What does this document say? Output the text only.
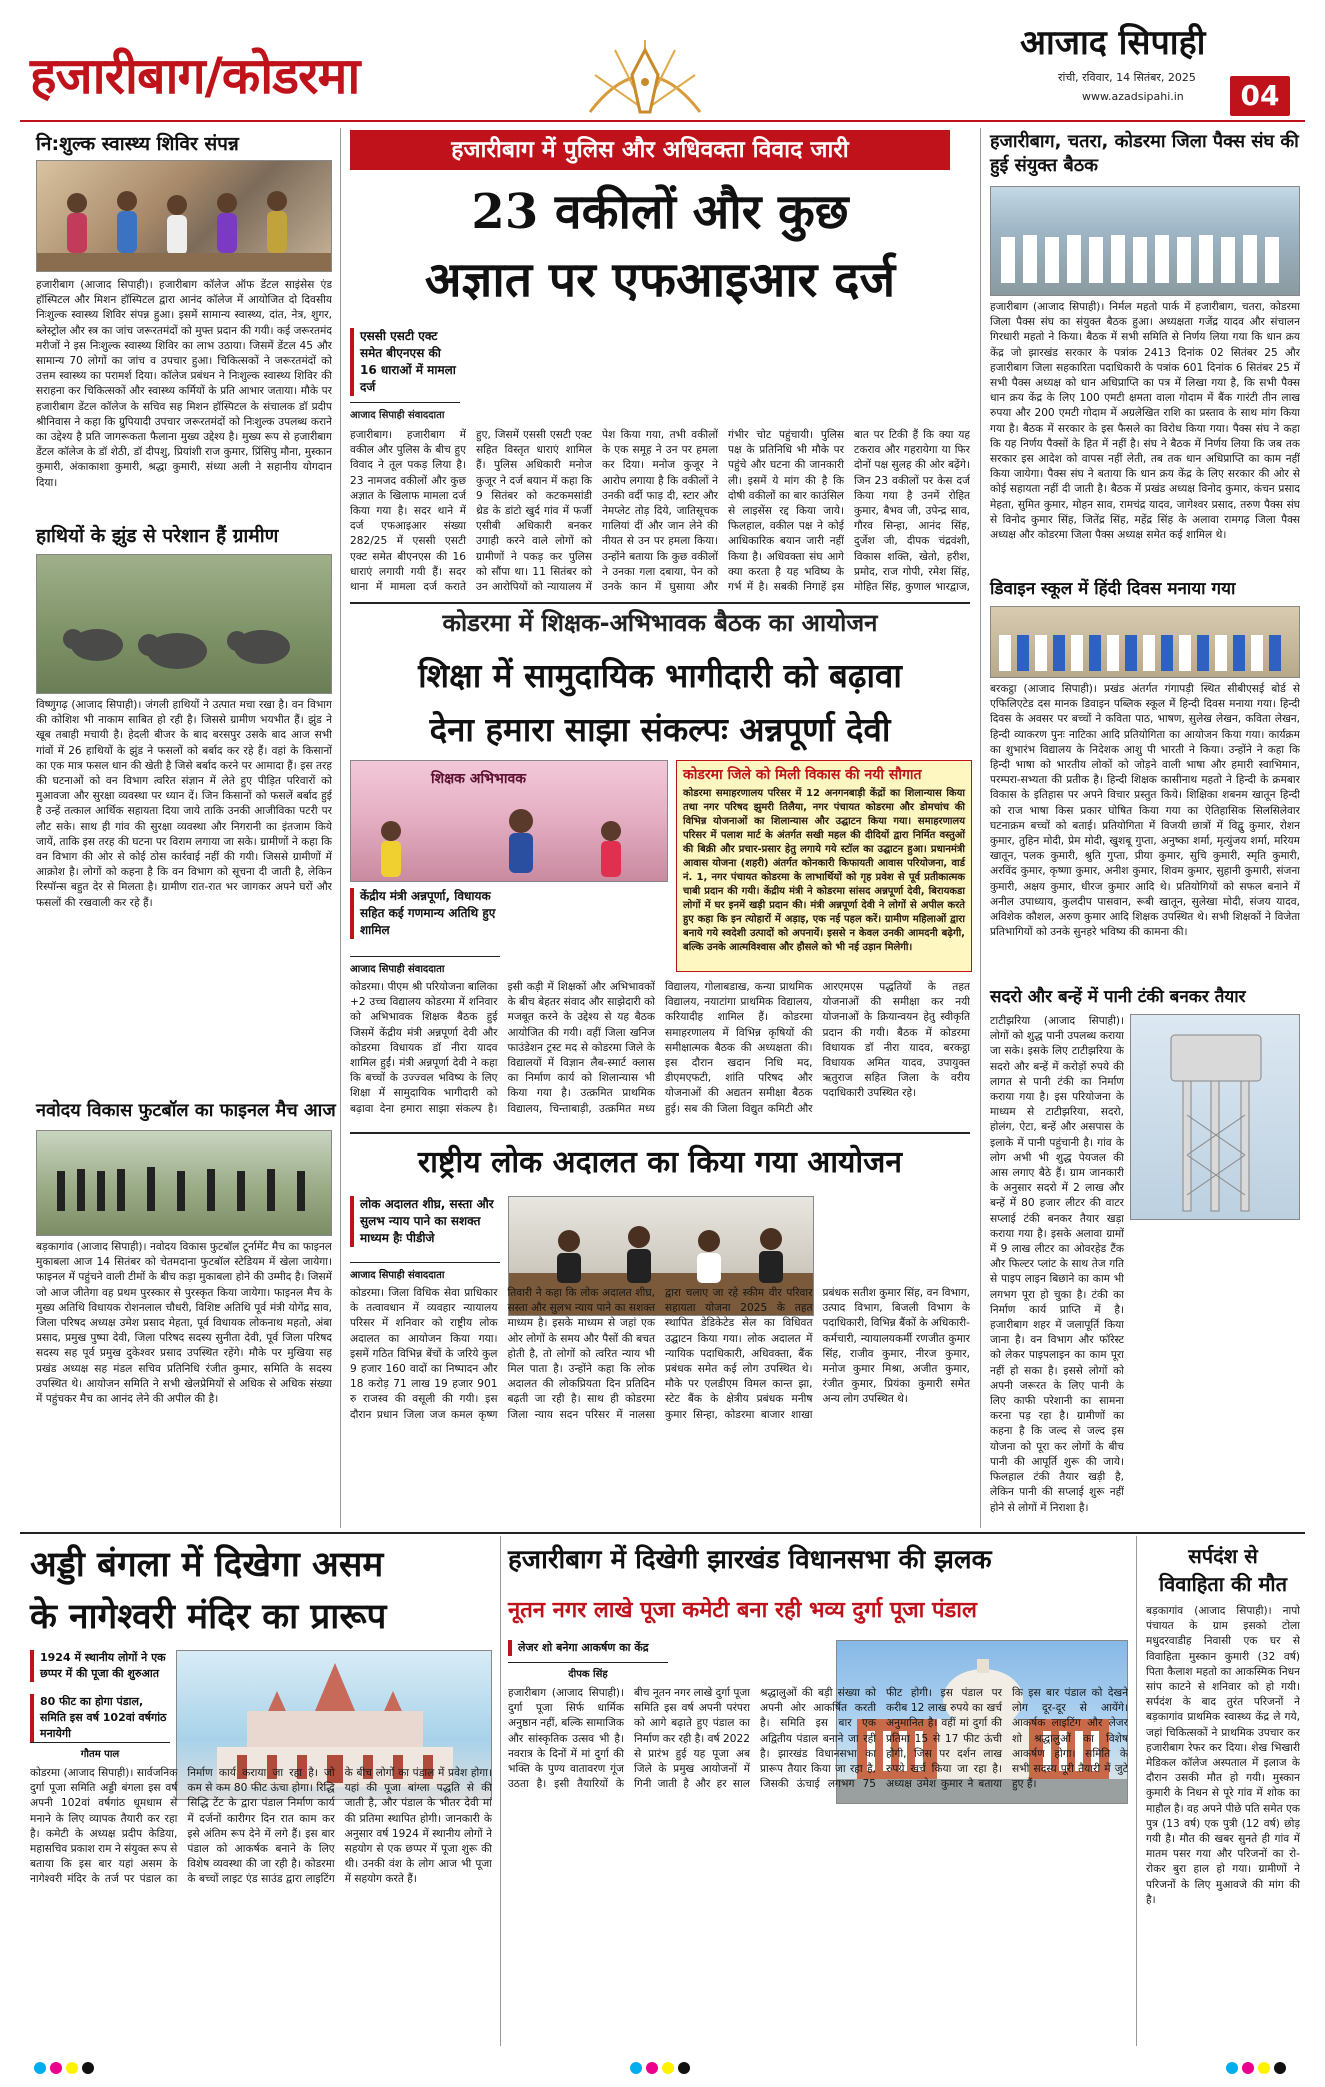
हजारीबाग/कोडरमा
आजाद सिपाही
रांची, रविवार, 14 सितंबर, 2025
www.azadsipahi.in	04
नि:शुल्क स्वास्थ्य शिविर संपन्न
हजारीबाग (आजाद सिपाही)। हजारीबाग कॉलेज ऑफ डेंटल साइंसेस एंड हॉस्पिटल और मिशन हॉस्पिटल द्वारा आनंद कॉलेज में आयोजित दो दिवसीय निःशुल्क स्वास्थ्य शिविर संपन्न हुआ। इसमें सामान्य स्वास्थ्य, दांत, नेत्र, शुगर, ब्लेस्ट्रोल और स्त्र का जांच जरूरतमंदों को मुफ्त प्रदान की गयी। कई जरूरतमंद मरीजों ने इस निःशुल्क स्वास्थ्य शिविर का लाभ उठाया। जिसमें डेंटल 45 और सामान्य 70 लोगों का जांच व उपचार हुआ। चिकित्सकों ने जरूरतमंदों को उत्तम स्वास्थ्य का परामर्श दिया। कॉलेज प्रबंधन ने निःशुल्क स्वास्थ्य शिविर की सराहना कर चिकित्सकों और स्वास्थ्य कर्मियों के प्रति आभार जताया। मौके पर हजारीबाग डेंटल कॉलेज के सचिव सह मिशन हॉस्पिटल के संचालक डॉ प्रदीप श्रीनिवास ने कहा कि ग्रुपियादी उपचार जरूरतमंदों को निःशुल्क उपलब्ध कराने का उद्देश्य है प्रति जागरूकता फैलाना मुख्य उद्देश्य है। मुख्य रूप से हजारीबाग डेंटल कॉलेज के डॉ शेठी, डॉ दीपशु, प्रियांशी राज कुमार, प्रिंसिपु मौना, मुस्कान कुमारी, अंकाकाशा कुमारी, श्रद्धा कुमारी, संध्या अली ने सहानीय योगदान दिया।
हाथियों के झुंड से परेशान हैं ग्रामीण
विष्णुगढ़ (आजाद सिपाही)। जंगली हाथियों ने उत्पात मचा रखा है। वन विभाग की कोशिश भी नाकाम साबित हो रही है। जिससे ग्रामीण भयभीत हैं। झुंड ने खूब तबाही मचायी है। हेदली बीजर के बाद बरसपुर उसके बाद आज सभी गांवों में 26 हाथियों के झुंड ने फसलों को बर्बाद कर रहे हैं। वहां के किसानों का एक मात्र फसल धान की खेती है जिसे बर्बाद करने पर आमादा हैं। इस तरह की घटनाओं को वन विभाग त्वरित संज्ञान में लेते हुए पीड़ित परिवारों को मुआवजा और सुरक्षा व्यवस्था पर ध्यान दें। जिन किसानों को फसलें बर्बाद हुई है उन्हें तत्काल आर्थिक सहायता दिया जाये ताकि उनकी आजीविका पटरी पर लौट सके। साथ ही गांव की सुरक्षा व्यवस्था और निगरानी का इंतजाम किये जायें, ताकि इस तरह की घटना पर विराम लगाया जा सके। ग्रामीणों ने कहा कि वन विभाग की ओर से कोई ठोस कार्रवाई नहीं की गयी। जिससे ग्रामीणों में आक्रोश है। लोगों को कहना है कि वन विभाग को सूचना दी जाती है, लेकिन रिस्पॉन्स बहुत देर से मिलता है। ग्रामीण रात-रात भर जागकर अपने घरों और फसलों की रखवाली कर रहे हैं।
नवोदय विकास फुटबॉल का फाइनल मैच आज
बड़कागांव (आजाद सिपाही)। नवोदय विकास फुटबॉल टूर्नामेंट मैच का फाइनल मुकाबला आज 14 सितंबर को चेतमदाना फुटबॉल स्टेडियम में खेला जायेगा। फाइनल में पहुंचने वाली टीमों के बीच कड़ा मुकाबला होने की उम्मीद है। जिसमें जो आज जीतेगा वह प्रथम पुरस्कार से पुरस्कृत किया जायेगा। फाइनल मैच के मुख्य अतिथि विधायक रोशनलाल चौधरी, विशिष्ट अतिथि पूर्व मंत्री योगेंद्र साव, जिला परिषद अध्यक्ष उमेश प्रसाद मेहता, पूर्व विधायक लोकनाथ महतो, अंबा प्रसाद, प्रमुख पुष्पा देवी, जिला परिषद सदस्य सुनीता देवी, पूर्व जिला परिषद सदस्य सह पूर्व प्रमुख दुकेश्वर प्रसाद उपस्थित रहेंगे। मौके पर मुखिया सह प्रखंड अध्यक्ष सह मंडल सचिव प्रतिनिधि रंजीत कुमार, समिति के सदस्य उपस्थित थे। आयोजन समिति ने सभी खेलप्रेमियों से अधिक से अधिक संख्या में पहुंचकर मैच का आनंद लेने की अपील की है।
हजारीबाग में पुलिस और अधिवक्ता विवाद जारी
23 वकीलों और कुछ
अज्ञात पर एफआइआर दर्ज
एससी एसटी एक्ट समेत बीएनएस की 16 धाराओं में मामला दर्ज
आजाद सिपाही संवाददाता
हजारीबाग। हजारीबाग में वकील और पुलिस के बीच हुए विवाद ने तूल पकड़ लिया है। 23 नामजद वकीलों और कुछ अज्ञात के खिलाफ मामला दर्ज किया गया है। सदर थाने में दर्ज एफआइआर संख्या 282/25 में एससी एसटी एक्ट समेत बीएनएस की 16 धाराएं लगायी गयी हैं। सदर थाना में मामला दर्ज कराते हुए, जिसमें एससी एसटी एक्ट सहित विस्तृत धाराएं शामिल हैं। पुलिस अधिकारी मनोज कुजूर ने दर्ज बयान में कहा कि 9 सितंबर को कटकमसांडी थ्रेड के डांटो खुर्द गांव में फर्जी एसीबी अधिकारी बनकर उगाही करने वाले लोगों को ग्रामीणों ने पकड़ कर पुलिस को सौंपा था। 11 सितंबर को उन आरोपियों को न्यायालय में पेश किया गया, तभी वकीलों के एक समूह ने उन पर हमला कर दिया। मनोज कुजूर ने आरोप लगाया है कि वकीलों ने उनकी वर्दी फाड़ दी, स्टार और नेमप्लेट तोड़ दिये, जातिसूचक गालियां दीं और जान लेने की नीयत से उन पर हमला किया। उन्होंने बताया कि कुछ वकीलों ने उनका गला दबाया, पेन को उनके कान में घुसाया और गंभीर चोट पहुंचायी। पुलिस पक्ष के प्रतिनिधि भी मौके पर पहुंचे और घटना की जानकारी ली। इसमें ये मांग की है कि दोषी वकीलों का बार काउंसिल से लाइसेंस रद्द किया जाये। फिलहाल, वकील पक्ष ने कोई आधिकारिक बयान जारी नहीं किया है। अधिवक्ता संघ आगे क्या करता है यह भविष्य के गर्भ में है। सबकी निगाहें इस बात पर टिकी हैं कि क्या यह टकराव और गहरायेगा या फिर दोनों पक्ष सुलह की ओर बढ़ेंगे। जिन 23 वकीलों पर केस दर्ज किया गया है उनमें रोहित कुमार, बैभव जी, उपेन्द्र साव, गौरव सिन्हा, आनंद सिंह, दुर्जेश जी, दीपक चंद्रवंशी, विकास शक्ति, खेतो, हरीश, प्रमोद, राज गोपी, रमेश सिंह, मोहित सिंह, कुणाल भारद्वाज,
कोडरमा में शिक्षक-अभिभावक बैठक का आयोजन
शिक्षा में सामुदायिक भागीदारी को बढ़ावा
देना हमारा साझा संकल्पः अन्नपूर्णा देवी
शिक्षक अभिभावक
केंद्रीय मंत्री अन्नपूर्णा, विधायक सहित कई गणमान्य अतिथि हुए शामिल
आजाद सिपाही संवाददाता
कोडरमा। पीएम श्री परियोजना बालिका +2 उच्च विद्यालय कोडरमा में शनिवार को अभिभावक शिक्षक बैठक हुई जिसमें केंद्रीय मंत्री अन्नपूर्णा देवी और कोडरमा विधायक डॉ नीरा यादव शामिल हुईं। मंत्री अन्नपूर्णा देवी ने कहा कि बच्चों के उज्ज्वल भविष्य के लिए शिक्षा में सामुदायिक भागीदारी को बढ़ावा देना हमारा साझा संकल्प है। इसी कड़ी में शिक्षकों और अभिभावकों के बीच बेहतर संवाद और साझेदारी को मजबूत करने के उद्देश्य से यह बैठक आयोजित की गयी। वहीं जिला खनिज फाउंडेशन ट्रस्ट मद से कोडरमा जिले के विद्यालयों में विज्ञान लैब-स्मार्ट क्लास का निर्माण कार्य को शिलान्यास भी किया गया है। उत्क्रमित प्राथमिक विद्यालय, चिन्ताबाड़ी, उत्क्रमित मध्य विद्यालय, गोलाबडाख, कन्या प्राथमिक विद्यालय, नयाटांगा प्राथमिक विद्यालय, करियादीह शामिल हैं। कोडरमा समाहरणालय में विभिन्न कृषियों की समीक्षात्मक बैठक की अध्यक्षता की। इस दौरान खदान निधि मद, डीएमएफटी, शांति परिषद और योजनाओं की अद्यतन समीक्षा बैठक हुई। सब की जिला विद्युत कमिटी और आरएमएस पद्धतियों के तहत योजनाओं की समीक्षा कर नयी योजनाओं के क्रियान्वयन हेतु स्वीकृति प्रदान की गयी। बैठक में कोडरमा विधायक डॉ नीरा यादव, बरकट्ठा विधायक अमित यादव, उपायुक्त ऋतुराज सहित जिला के वरीय पदाधिकारी उपस्थित रहे।
कोडरमा जिले को मिली विकास की नयी सौगात
कोडरमा समाहरणालय परिसर में 12 अनगनबाड़ी केंद्रों का शिलान्यास किया तथा नगर परिषद झुमरी तिलैया, नगर पंचायत कोडरमा और डोमचांच की विभिन्न योजनाओं का शिलान्यास और उद्घाटन किया गया। समाहरणालय परिसर में पलाश मार्ट के अंतर्गत सखी महल की दीदियों द्वारा निर्मित वस्तुओं की बिक्री और प्रचार-प्रसार हेतु लगाये गये स्टॉल का उद्घाटन हुआ। प्रधानमंत्री आवास योजना (शहरी) अंतर्गत कोनकारी किफायती आवास परियोजना, वार्ड नं. 1, नगर पंचायत कोडरमा के लाभार्थियों को गृह प्रवेश से पूर्व प्रतीकात्मक चाबी प्रदान की गयी। केंद्रीय मंत्री ने कोडरमा सांसद अन्नपूर्णा देवी, बिरायकडा लोगों में घर इनमें खड़ी प्रदान की। मंत्री अन्नपूर्णा देवी ने लोगों से अपील करते हुए कहा कि इन त्योहारों में अड़ाइ, एक नई पहल करें। ग्रामीण महिलाओं द्वारा बनाये गये स्वदेशी उत्पादों को अपनायें। इससे न केवल उनकी आमदनी बढ़ेगी, बल्कि उनके आत्मविश्वास और हौसले को भी नई उड़ान मिलेगी।
राष्ट्रीय लोक अदालत का किया गया आयोजन
लोक अदालत शीघ्र, सस्ता और सुलभ न्याय पाने का सशक्त माध्यम हैः पीडीजे
आजाद सिपाही संवाददाता
कोडरमा। जिला विधिक सेवा प्राधिकार के तत्वावधान में व्यवहार न्यायालय परिसर में शनिवार को राष्ट्रीय लोक अदालत का आयोजन किया गया। इसमें गठित विभिन्न बेंचों के जरिये कुल 9 हजार 160 वादों का निष्पादन और 18 करोड़ 71 लाख 19 हजार 901 रु राजस्व की वसूली की गयी। इस दौरान प्रधान जिला जज कमल कृष्ण तिवारी ने कहा कि लोक अदालत शीघ्र, सस्ता और सुलभ न्याय पाने का सशक्त माध्यम है। इसके माध्यम से जहां एक ओर लोगों के समय और पैसों की बचत होती है, तो लोगों को त्वरित न्याय भी मिल पाता है। उन्होंने कहा कि लोक अदालत की लोकप्रियता दिन प्रतिदिन बढ़ती जा रही है। साथ ही कोडरमा जिला न्याय सदन परिसर में नालसा द्वारा चलाए जा रहे स्कीम वीर परिवार सहायता योजना 2025 के तहत स्थापित डेडिकेटेड सेल का विधिवत उद्घाटन किया गया। लोक अदालत में न्यायिक पदाधिकारी, अधिवक्ता, बैंक प्रबंधक समेत कई लोग उपस्थित थे। मौके पर एलडीएम विमल कान्त झा, स्टेट बैंक के क्षेत्रीय प्रबंधक मनीष कुमार सिन्हा, कोडरमा बाजार शाखा प्रबंधक सतीश कुमार सिंह, वन विभाग, उत्पाद विभाग, बिजली विभाग के पदाधिकारी, विभिन्न बैंकों के अधिकारी-कर्मचारी, न्यायालयकर्मी रणजीत कुमार सिंह, राजीव कुमार, नीरज कुमार, मनोज कुमार मिश्रा, अजीत कुमार, रंजीत कुमार, प्रियंका कुमारी समेत अन्य लोग उपस्थित थे।
हजारीबाग, चतरा, कोडरमा जिला पैक्स संघ की हुई संयुक्त बैठक
हजारीबाग (आजाद सिपाही)। निर्मल महतो पार्क में हजारीबाग, चतरा, कोडरमा जिला पैक्स संघ का संयुक्त बैठक हुआ। अध्यक्षता गजेंद्र यादव और संचालन गिरधारी महतो ने किया। बैठक में सभी समिति से निर्णय लिया गया कि धान क्रय केंद्र जो झारखंड सरकार के पत्रांक 2413 दिनांक 02 सितंबर 25 और हजारीबाग जिला सहकारिता पदाधिकारी के पत्रांक 601 दिनांक 6 सितंबर 25 में सभी पैक्स अध्यक्ष को धान अधिप्राप्ति का पत्र में लिखा गया है, कि सभी पैक्स धान क्रय केंद्र के लिए 100 एमटी क्षमता वाला गोदाम में बैंक गारंटी तीन लाख रुपया और 200 एमटी गोदाम में अग्रलेखित राशि का प्रस्ताव के साथ मांग किया गया है। बैठक में सरकार के इस फैसले का विरोध किया गया। पैक्स संघ ने कहा कि यह निर्णय पैक्सों के हित में नहीं है। संघ ने बैठक में निर्णय लिया कि जब तक सरकार इस आदेश को वापस नहीं लेती, तब तक धान अधिप्राप्ति का काम नहीं किया जायेगा। पैक्स संघ ने बताया कि धान क्रय केंद्र के लिए सरकार की ओर से कोई सहायता नहीं दी जाती है। बैठक में प्रखंड अध्यक्ष विनोद कुमार, कंचन प्रसाद मेहता, सुमित कुमार, मोहन साव, रामचंद्र यादव, जागेश्वर प्रसाद, तरुण पैक्स संघ से विनोद कुमार सिंह, जितेंद्र सिंह, महेंद्र सिंह के अलावा रामगढ़ जिला पैक्स अध्यक्ष और कोडरमा जिला पैक्स अध्यक्ष समेत कई शामिल थे।
डिवाइन स्कूल में हिंदी दिवस मनाया गया
बरकट्ठा (आजाद सिपाही)। प्रखंड अंतर्गत गंगापड़ी स्थित सीबीएसई बोर्ड से एफिलिएटेड दस मानक डिवाइन पब्लिक स्कूल में हिन्दी दिवस मनाया गया। हिन्दी दिवस के अवसर पर बच्चों ने कविता पाठ, भाषण, सुलेख लेखन, कविता लेखन, हिन्दी व्याकरण पुनः नाटिका आदि प्रतियोगिता का आयोजन किया गया। कार्यक्रम का शुभारंभ विद्यालय के निदेशक आशु पी भारती ने किया। उन्होंने ने कहा कि हिन्दी भाषा को भारतीय लोकों को जोड़ने वाली भाषा और हमारी स्वाभिमान, परम्परा-सभ्यता की प्रतीक है। हिन्दी शिक्षक कासीनाथ महतो ने हिन्दी के क्रमबार विकास के इतिहास पर अपने विचार प्रस्तुत किये। शिक्षिका शबनम खातून हिन्दी को राज भाषा किस प्रकार घोषित किया गया का ऐतिहासिक सिलसिलेवार घटनाक्रम बच्चों को बताई। प्रतियोगिता में विजयी छात्रों में विद्वु कुमार, रोशन कुमार, तुहिन मोदी, प्रेम मोदी, खुशबू गुप्ता, अनुष्का शर्मा, मृत्युंजय शर्मा, मरियम खातून, पलक कुमारी, श्रुति गुप्ता, प्रीया कुमार, सुचि कुमारी, स्मृति कुमारी, अरविंद कुमार, कृष्णा कुमार, अनीश कुमार, शिवम कुमार, सुहानी कुमारी, संजना कुमारी, अक्षय कुमार, धीरज कुमार आदि थे। प्रतियोगियों को सफल बनाने में अनील उपाध्याय, कुलदीप पासवान, रूबी खातून, सुलेखा मोदी, संजय यादव, अविशेक कौशल, अरुण कुमार आदि शिक्षक उपस्थित थे। सभी शिक्षकों ने विजेता प्रतिभागियों को उनके सुनहरे भविष्य की कामना की।
सदरो और बन्हें में पानी टंकी बनकर तैयार
टाटीझरिया (आजाद सिपाही)। लोगों को शुद्ध पानी उपलब्ध कराया जा सके। इसके लिए टाटीझरिया के सदरो और बन्हें में करोड़ों रुपये की लागत से पानी टंकी का निर्माण कराया गया है। इस परियोजना के माध्यम से टाटीझरिया, सदरो, होलंग, ऐटा, बन्हें और असपास के इलाके में पानी पहुंचानी है। गांव के लोग अभी भी शुद्ध पेयजल की आस लगाए बैठे हैं। ग्राम जानकारी के अनुसार सदरो में 2 लाख और बन्हें में 80 हजार लीटर की वाटर सप्लाई टंकी बनकर तैयार खड़ा कराया गया है। इसके अलावा ग्रामों में 9 लाख लीटर का ओवरहेड टैंक और फिल्टर प्लांट के साथ तेज गति से पाइप लाइन बिछाने का काम भी लगभग पूरा हो चुका है। टंकी का निर्माण कार्य प्राप्ति में है। हजारीबाग शहर में जलापूर्ति किया जाना है। वन विभाग और फॉरेस्ट को लेकर पाइपलाइन का काम पूरा नहीं हो सका है। इससे लोगों को अपनी जरूरत के लिए पानी के लिए काफी परेशानी का सामना करना पड़ रहा है। ग्रामीणों का कहना है कि जल्द से जल्द इस योजना को पूरा कर लोगों के बीच पानी की आपूर्ति शुरू की जाये। फिलहाल टंकी तैयार खड़ी है, लेकिन पानी की सप्लाई शुरू नहीं होने से लोगों में निराशा है।
अड्डी बंगला में दिखेगा असम
के नागेश्वरी मंदिर का प्रारूप
1924 में स्थानीय लोगों ने एक छप्पर में की पूजा की शुरुआत
80 फीट का होगा पंडाल, समिति इस वर्ष 102वां वर्षगांठ मनायेगी
गौतम पाल
कोडरमा (आजाद सिपाही)। सार्वजनिक दुर्गा पूजा समिति अड्डी बंगला इस वर्ष अपनी 102वां वर्षगांठ धूमधाम से मनाने के लिए व्यापक तैयारी कर रहा है। कमेटी के अध्यक्ष प्रदीप केडिया, महासचिव प्रकाश राम ने संयुक्त रूप से बताया कि इस बार यहां असम के नागेश्वरी मंदिर के तर्ज पर पंडाल का निर्माण कार्य कराया जा रहा है। जो कम से कम 80 फीट ऊंचा होगा। रिद्धि सिद्धि टेंट के द्वारा पंडाल निर्माण कार्य में दर्जनों कारीगर दिन रात काम कर इसे अंतिम रूप देने में लगे हैं। इस बार पंडाल को आकर्षक बनाने के लिए विशेष व्यवस्था की जा रही है। कोडरमा के बच्चों लाइट एंड साउंड द्वारा लाइटिंग के बीच लोगों का पंडाल में प्रवेश होगा। यहां की पूजा बांग्ला पद्धति से की जाती है, और पंडाल के भीतर देवी मां की प्रतिमा स्थापित होगी। जानकारी के अनुसार वर्ष 1924 में स्थानीय लोगों ने सहयोग से एक छप्पर में पूजा शुरू की थी। उनकी वंश के लोग आज भी पूजा में सहयोग करते हैं।
हजारीबाग में दिखेगी झारखंड विधानसभा की झलक
नूतन नगर लाखे पूजा कमेटी बना रही भव्य दुर्गा पूजा पंडाल
लेजर शो बनेगा आकर्षण का केंद्र
दीपक सिंह
हजारीबाग (आजाद सिपाही)। दुर्गा पूजा सिर्फ धार्मिक अनुष्ठान नहीं, बल्कि सामाजिक और सांस्कृतिक उत्सव भी है। नवरात्र के दिनों में मां दुर्गा की भक्ति के पुण्य वातावरण गूंज उठता है। इसी तैयारियों के बीच नूतन नगर लाखे दुर्गा पूजा समिति इस वर्ष अपनी परंपरा को आगे बढ़ाते हुए पंडाल का निर्माण कर रही है। वर्ष 2022 से प्रारंभ हुई यह पूजा अब जिले के प्रमुख आयोजनों में गिनी जाती है और हर साल श्रद्धालुओं की बड़ी संख्या को अपनी ओर आकर्षित करती है। समिति इस बार एक अद्वितीय पंडाल बनाने जा रही है। झारखंड विधानसभा का प्रारूप तैयार किया जा रहा है, जिसकी ऊंचाई लगभग 75 फीट होगी। इस पंडाल पर करीब 12 लाख रुपये का खर्च अनुमानित है। वहीं मां दुर्गा की प्रतिमा 15 से 17 फीट ऊंची होगी, जिस पर दर्शन लाख रुपये खर्च किया जा रहा है। अध्यक्ष उमेश कुमार ने बताया कि इस बार पंडाल को देखने लोग दूर-दूर से आयेंगे। आकर्षक लाइटिंग और लेजर शो श्रद्धालुओं का विशेष आकर्षण होगा। समिति के सभी सदस्य पूरी तैयारी में जुटे हुए हैं।
सर्पदंश से
विवाहिता की मौत
बड़कागांव (आजाद सिपाही)। नापो पंचायत के ग्राम इसको टोला मधुदरवाडीह निवासी एक घर से विवाहिता मुस्कान कुमारी (32 वर्ष) पिता कैलाश महतो का आकस्मिक निधन सांप काटने से शनिवार को हो गयी। सर्पदंश के बाद तुरंत परिजनों ने बड़कागांव प्राथमिक स्वास्थ्य केंद्र ले गये, जहां चिकित्सकों ने प्राथमिक उपचार कर हजारीबाग रेफर कर दिया। शेख भिखारी मेडिकल कॉलेज अस्पताल में इलाज के दौरान उसकी मौत हो गयी। मुस्कान कुमारी के निधन से पूरे गांव में शोक का माहौल है। वह अपने पीछे पति समेत एक पुत्र (13 वर्ष) एक पुत्री (12 वर्ष) छोड़ गयी है। मौत की खबर सुनते ही गांव में मातम पसर गया और परिजनों का रो-रोकर बुरा हाल हो गया। ग्रामीणों ने परिजनों के लिए मुआवजे की मांग की है।
